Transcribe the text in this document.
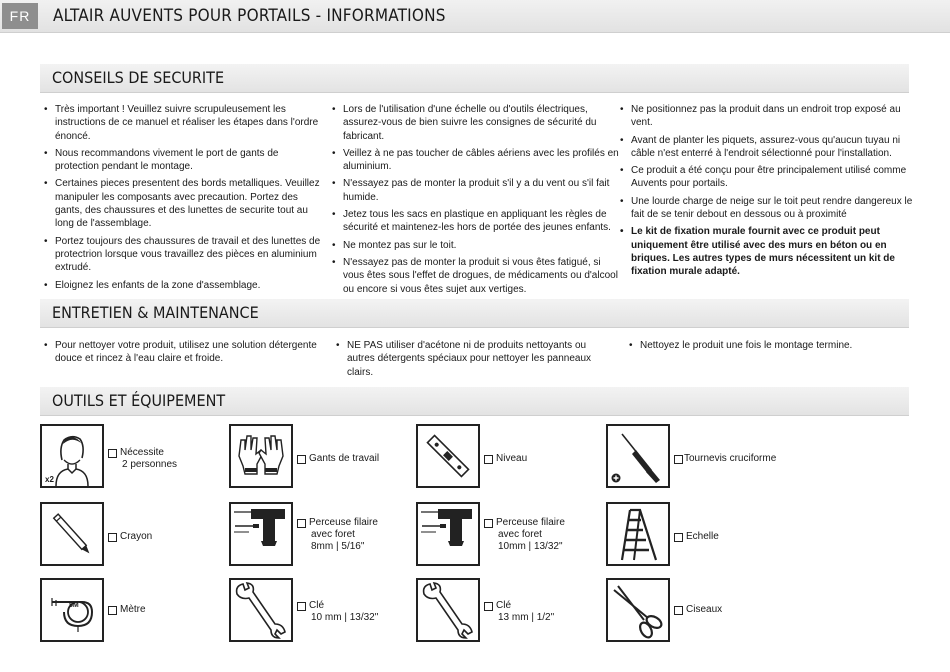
FR	ALTAIR AUVENTS POUR PORTAILS - INFORMATIONS
CONSEILS DE SECURITE
• Très important ! Veuillez suivre scrupuleusement les instructions de ce manuel et réaliser les étapes dans l'ordre énoncé.
• Nous recommandons vivement le port de gants de protection pendant le montage.
• Certaines pieces presentent des bords metalliques. Veuillez manipuler les composants avec precaution. Portez des gants, des chaussures et des lunettes de securite tout au long de l'assemblage.
• Portez toujours des chaussures de travail et des lunettes de protectrion lorsque vous travaillez des pièces en aluminium extrudé.
• Eloignez les enfants de la zone d'assemblage.
• Lors de l'utilisation d'une échelle ou d'outils électriques, assurez-vous de bien suivre les consignes de sécurité du fabricant.
• Veillez à ne pas toucher de câbles aériens avec les profilés en aluminium.
• N'essayez pas de monter la produit s'il y a du vent ou s'il fait humide.
• Jetez tous les sacs en plastique en appliquant les règles de sécurité et maintenez-les hors de portée des jeunes enfants.
• Ne montez pas sur le toit.
• N'essayez pas de monter la produit si vous êtes fatigué, si vous êtes sous l'effet de drogues, de médicaments ou d'alcool ou encore si vous êtes sujet aux vertiges.
• Ne positionnez pas la produit dans un endroit trop exposé au vent.
• Avant de planter les piquets, assurez-vous qu'aucun tuyau ni câble n'est enterré à l'endroit sélectionné pour l'installation.
• Ce produit a été conçu pour être principalement utilisé comme Auvents pour portails.
• Une lourde charge de neige sur le toit peut rendre dangereux le fait de se tenir debout en dessous ou à proximité
• Le kit de fixation murale fournit avec ce produit peut uniquement être utilisé avec des murs en béton ou en briques. Les autres types de murs nécessitent un kit de fixation murale adapté.
ENTRETIEN & MAINTENANCE
• Pour nettoyer votre produit, utilisez une solution détergente douce et rincez à l'eau claire et froide.
• NE PAS utiliser d'acétone ni de produits nettoyants ou autres détergents spéciaux pour nettoyer les panneaux clairs.
• Nettoyez le produit une fois le montage termine.
OUTILS ET ÉQUIPEMENT
x2
Nécessite
2 personnes
Gants de travail	Niveau	Tournevis cruciforme
Crayon
Perceuse filaire
avec foret
8mm | 5/16"
Perceuse filaire
avec foret
10mm | 13/32"
Echelle
5M	Mètre	Clé
10 mm | 13/32"
Clé
13 mm | 1/2"
Ciseaux
